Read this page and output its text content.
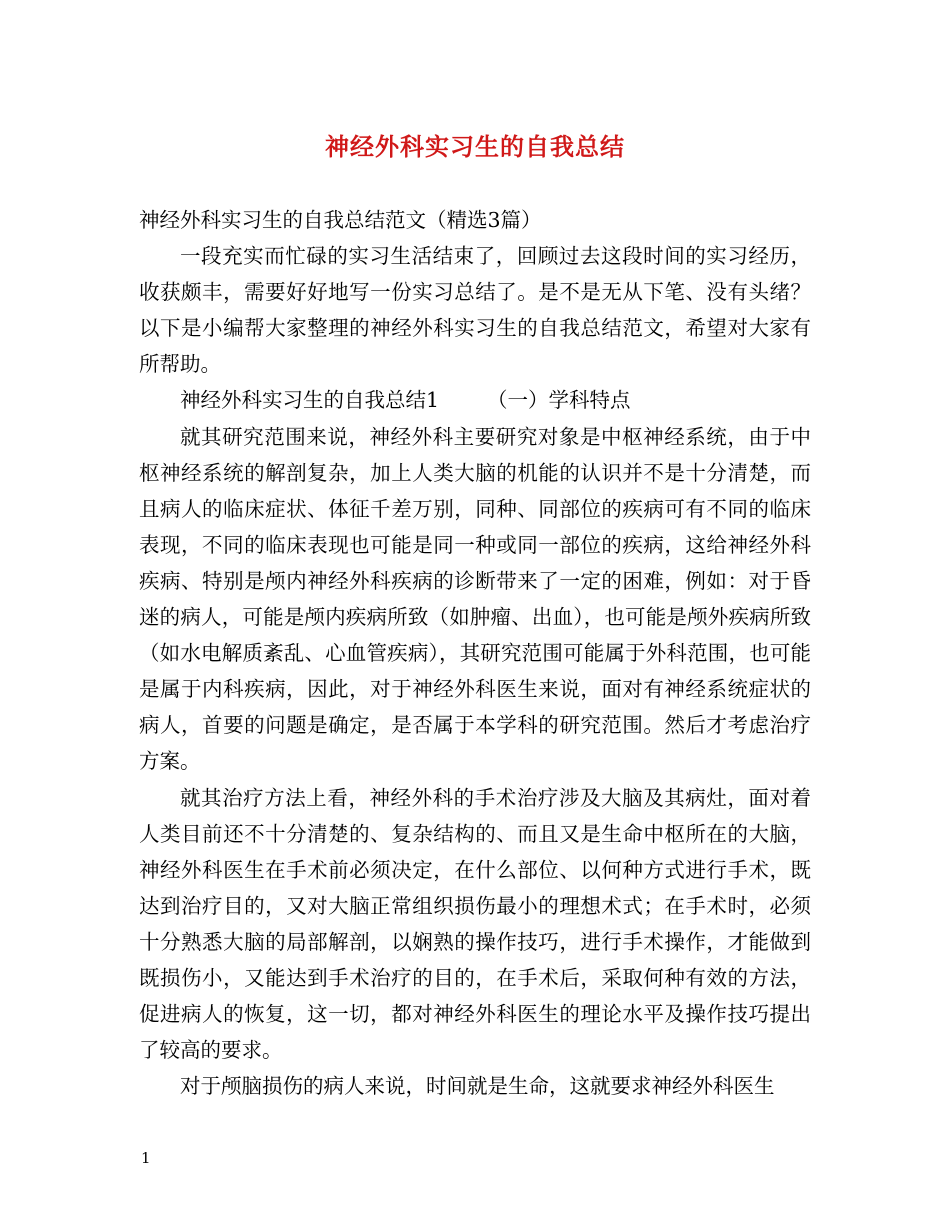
神经外科实习生的自我总结

神经外科实习生的自我总结范文（精选3篇）

一段充实而忙碌的实习生活结束了，回顾过去这段时间的实习经历，收获颇丰，需要好好地写一份实习总结了。是不是无从下笔、没有头绪？以下是小编帮大家整理的神经外科实习生的自我总结范文，希望对大家有所帮助。

神经外科实习生的自我总结1 （一）学科特点

就其研究范围来说，神经外科主要研究对象是中枢神经系统，由于中枢神经系统的解剖复杂，加上人类大脑的机能的认识并不是十分清楚，而且病人的临床症状、体征千差万别，同种、同部位的疾病可有不同的临床表现，不同的临床表现也可能是同一种或同一部位的疾病，这给神经外科疾病、特别是颅内神经外科疾病的诊断带来了一定的困难，例如：对于昏迷的病人，可能是颅内疾病所致（如肿瘤、出血），也可能是颅外疾病所致（如水电解质紊乱、心血管疾病），其研究范围可能属于外科范围，也可能是属于内科疾病，因此，对于神经外科医生来说，面对有神经系统症状的病人，首要的问题是确定，是否属于本学科的研究范围。然后才考虑治疗方案。

就其治疗方法上看，神经外科的手术治疗涉及大脑及其病灶，面对着人类目前还不十分清楚的、复杂结构的、而且又是生命中枢所在的大脑，神经外科医生在手术前必须决定，在什么部位、以何种方式进行手术，既达到治疗目的，又对大脑正常组织损伤最小的理想术式；在手术时，必须十分熟悉大脑的局部解剖，以娴熟的操作技巧，进行手术操作，才能做到既损伤小，又能达到手术治疗的目的，在手术后，采取何种有效的方法，促进病人的恢复，这一切，都对神经外科医生的理论水平及操作技巧提出了较高的要求。

对于颅脑损伤的病人来说，时间就是生命，这就要求神经外科医生

1
